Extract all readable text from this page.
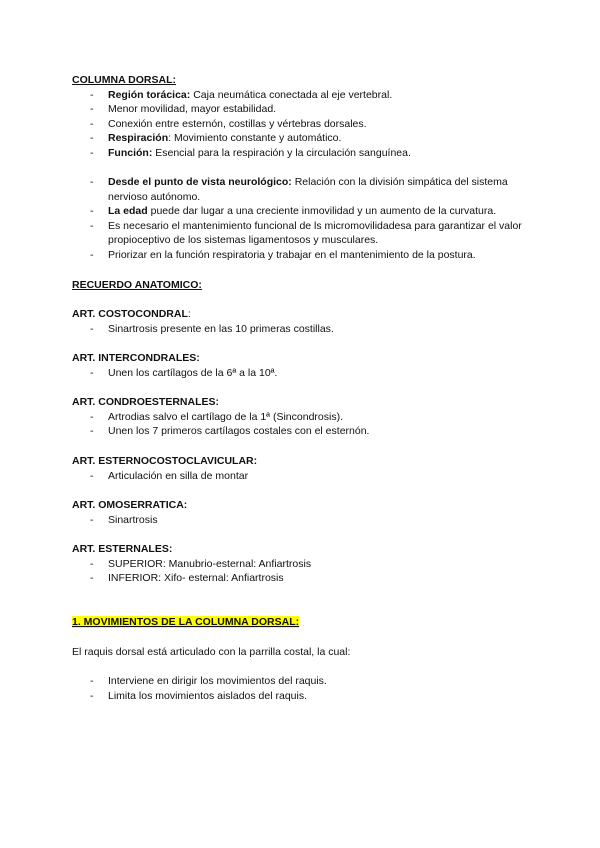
COLUMNA DORSAL:

- Región torácica: Caja neumática conectada al eje vertebral.
- Menor movilidad, mayor estabilidad.
- Conexión entre esternón, costillas y vértebras dorsales.
- Respiración: Movimiento constante y automático.
- Función: Esencial para la respiración y la circulación sanguínea.
- Desde el punto de vista neurológico: Relación con la división simpática del sistema nervioso autónomo.
- La edad puede dar lugar a una creciente inmovilidad y un aumento de la curvatura.
- Es necesario el mantenimiento funcional de ls micromovilidadesa para garantizar el valor propioceptivo de los sistemas ligamentosos y musculares.
- Priorizar en la función respiratoria y trabajar en el mantenimiento de la postura.

RECUERDO ANATOMICO:

ART. COSTOCONDRAL:

- Sinartrosis presente en las 10 primeras costillas.

ART. INTERCONDRALES:

- Unen los cartílagos de la 6ª a la 10ª.

ART. CONDROESTERNALES:

- Artrodias salvo el cartílago de la 1ª (Sincondrosis).
- Unen los 7 primeros cartílagos costales con el esternón.

ART. ESTERNOCOSTOCLAVICULAR:

- Articulación en silla de montar

ART. OMOSERRATICA:

- Sinartrosis

ART. ESTERNALES:

- SUPERIOR: Manubrio-esternal: Anfiartrosis
- INFERIOR: Xifo- esternal: Anfiartrosis

1. MOVIMIENTOS DE LA COLUMNA DORSAL:

El raquis dorsal está articulado con la parrilla costal, la cual:

- Interviene en dirigir los movimientos del raquis.
- Limita los movimientos aislados del raquis.
